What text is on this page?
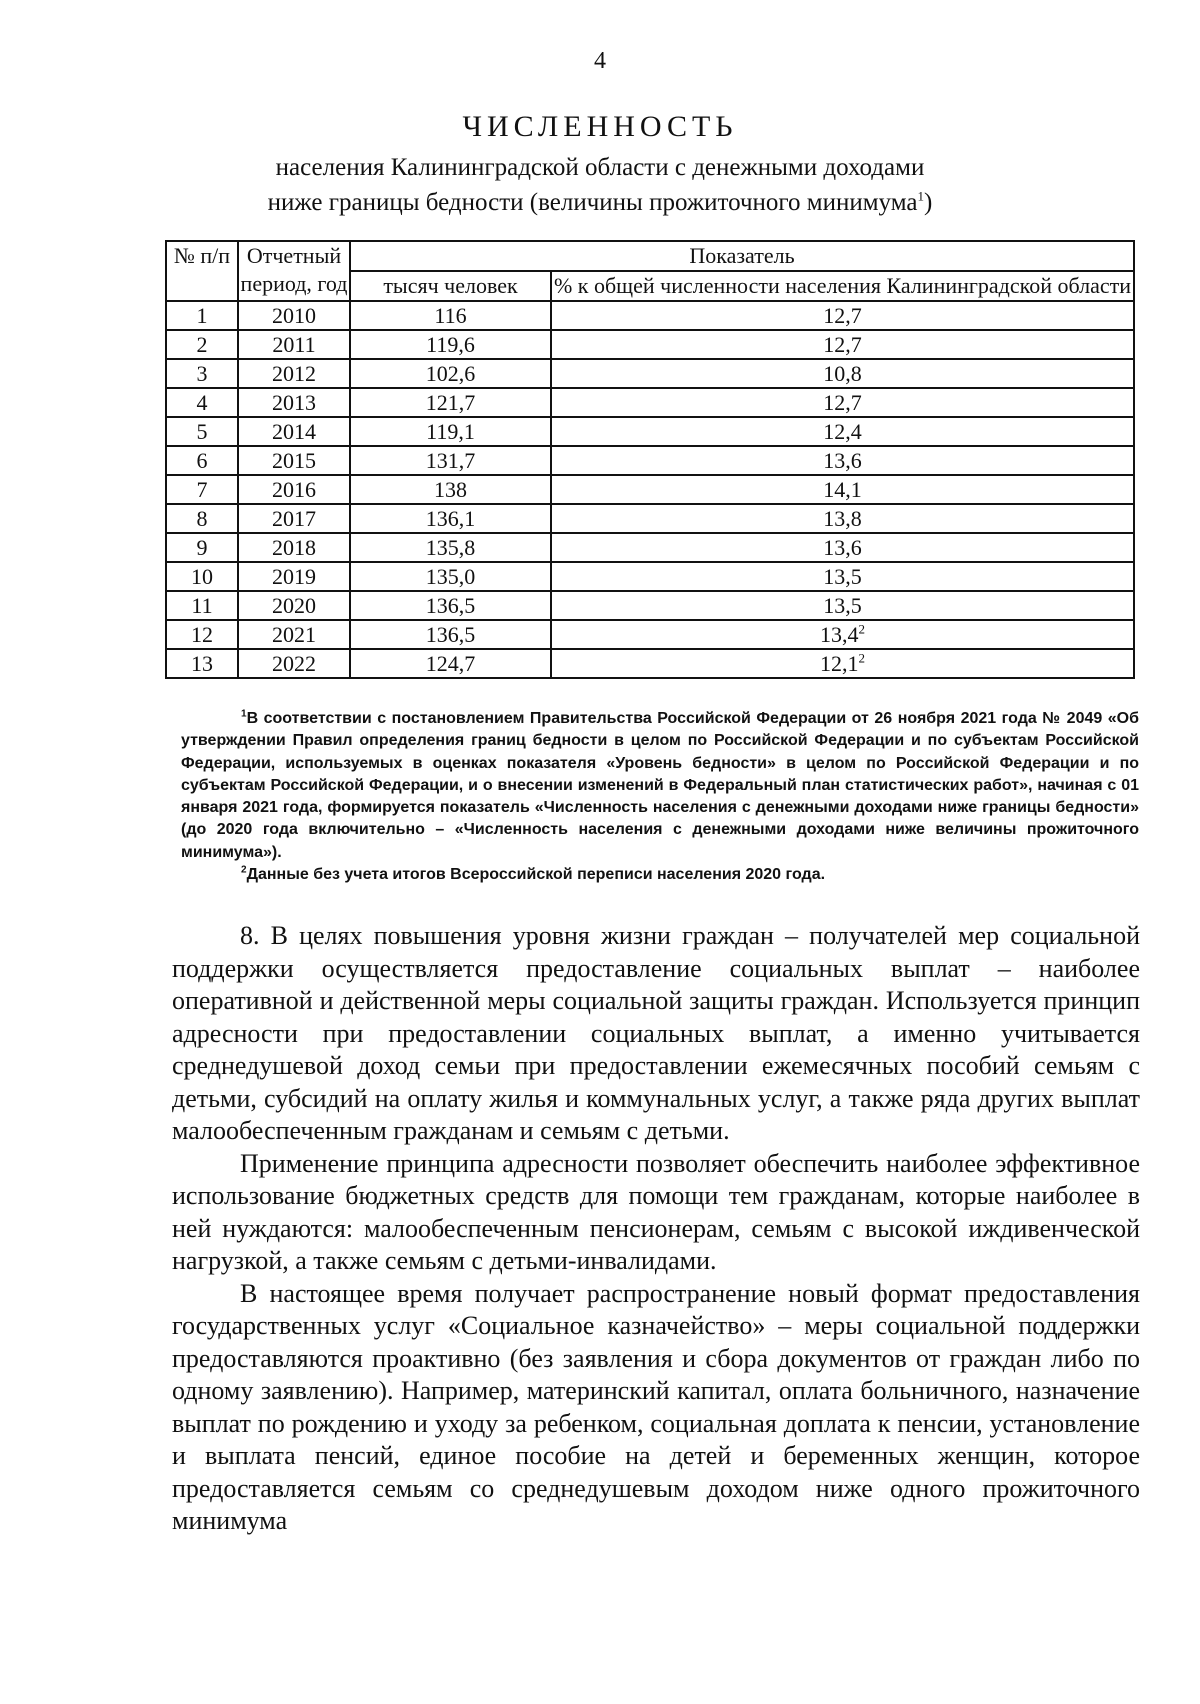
4
ЧИСЛЕННОСТЬ
населения Калининградской области с денежными доходами
ниже границы бедности (величины прожиточного минимума$^1$)
№ п/п	Отчетный период, год	Показатель	
		тысяч человек	% к общей численности населения Калининградской области
1	2010	116	12,7
2	2011	119,6	12,7
3	2012	102,6	10,8
4	2013	121,7	12,7
5	2014	119,1	12,4
6	2015	131,7	13,6
7	2016	138	14,1
8	2017	136,1	13,8
9	2018	135,8	13,6
10	2019	135,0	13,5
11	2020	136,5	13,5
12	2021	136,5	13,4$^2$
13	2022	124,7	12,1$^2$

$^1$В соответствии с постановлением Правительства Российской Федерации от 26 ноября 2021 года № 2049 «Об утверждении Правил определения границ бедности в целом по Российской Федерации и по субъектам Российской Федерации, используемых в оценках показателя «Уровень бедности» в целом по Российской Федерации и по субъектам Российской Федерации, и о внесении изменений в Федеральный план статистических работ», начиная с 01 января 2021 года, формируется показатель «Численность населения с денежными доходами ниже границы бедности» (до 2020 года включительно – «Численность населения с денежными доходами ниже величины прожиточного минимума»).

$^2$Данные без учета итогов Всероссийской переписи населения 2020 года.

8. В целях повышения уровня жизни граждан – получателей мер социальной поддержки осуществляется предоставление социальных выплат – наиболее оперативной и действенной меры социальной защиты граждан. Используется принцип адресности при предоставлении социальных выплат, а именно учитывается среднедушевой доход семьи при предоставлении ежемесячных пособий семьям с детьми, субсидий на оплату жилья и коммунальных услуг, а также ряда других выплат малообеспеченным гражданам и семьям с детьми.

Применение принципа адресности позволяет обеспечить наиболее эффективное использование бюджетных средств для помощи тем гражданам, которые наиболее в ней нуждаются: малообеспеченным пенсионерам, семьям с высокой иждивенческой нагрузкой, а также семьям с детьми-инвалидами.

В настоящее время получает распространение новый формат предоставления государственных услуг «Социальное казначейство» – меры социальной поддержки предоставляются проактивно (без заявления и сбора документов от граждан либо по одному заявлению). Например, материнский капитал, оплата больничного, назначение выплат по рождению и уходу за ребенком, социальная доплата к пенсии, установление и выплата пенсий, единое пособие на детей и беременных женщин, которое предоставляется семьям со среднедушевым доходом ниже одного прожиточного минимума
